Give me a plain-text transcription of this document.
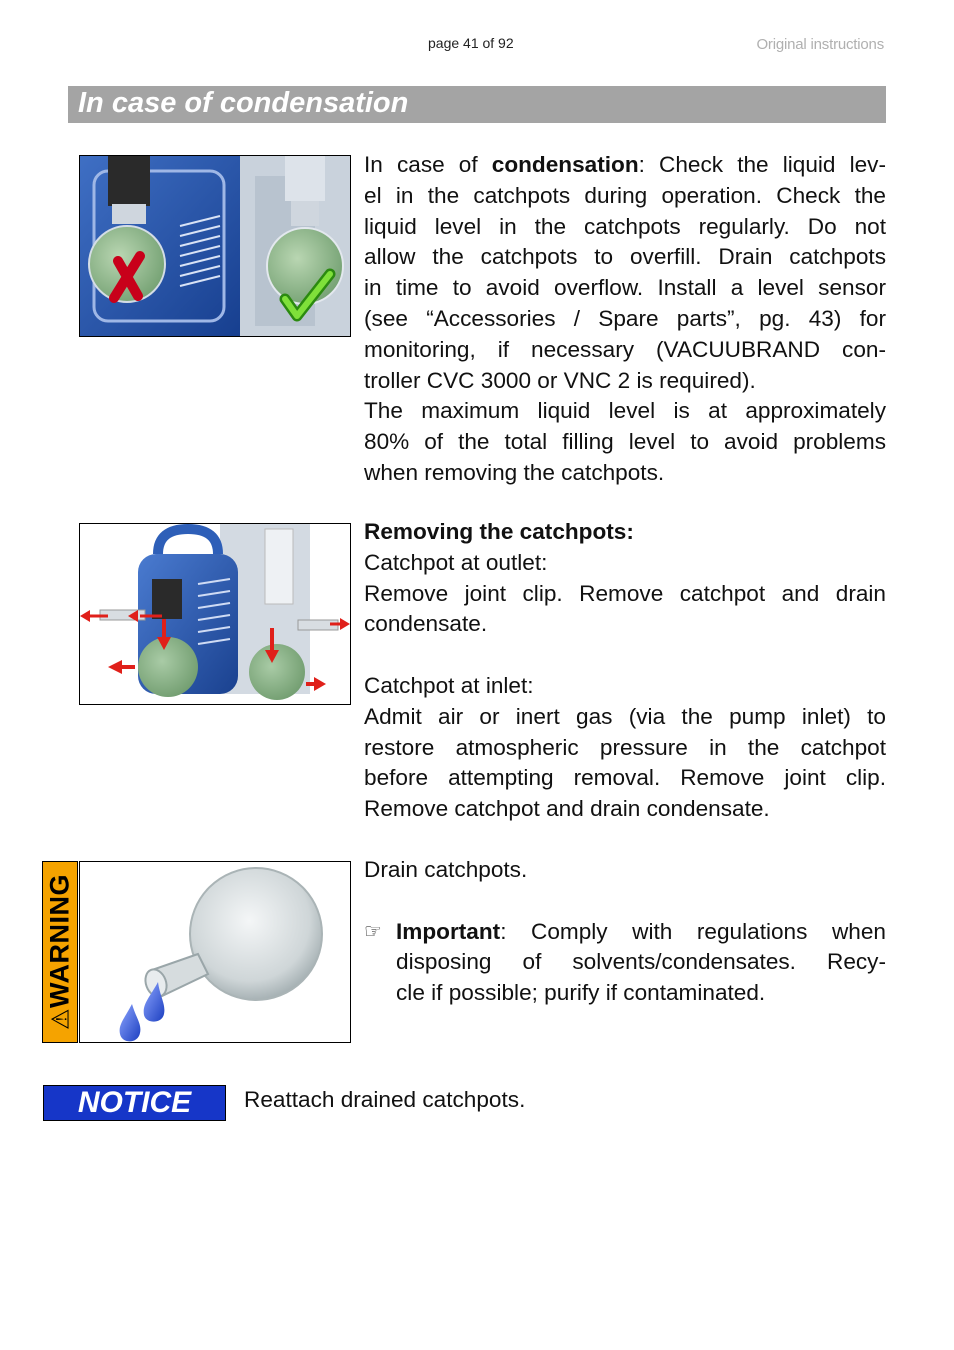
page 41 of 92	Original instructions
In case of condensation
In case of condensation: Check the liquid lev-
el in the catchpots during operation. Check the
liquid level in the catchpots regularly. Do not
allow the catchpots to overfill. Drain catchpots
in time to avoid overflow. Install a level sensor
(see “Accessories / Spare parts”, pg. 43) for
monitoring, if necessary (VACUUBRAND con-
troller CVC 3000 or VNC 2 is required).
The maximum liquid level is at approximately
80% of the total filling level to avoid problems
when removing the catchpots.
Removing the catchpots:
Catchpot at outlet:
Remove joint clip. Remove catchpot and drain
condensate.
Catchpot at inlet:
Admit air or inert gas (via the pump inlet) to
restore atmospheric pressure in the catchpot
before attempting removal. Remove joint clip.
Remove catchpot and drain condensate.
⚠WARNING
Drain catchpots.
☞ Important: Comply with regulations when
disposing of solvents/condensates. Recy-
cle if possible; purify if contaminated.
NOTICE	Reattach drained catchpots.
